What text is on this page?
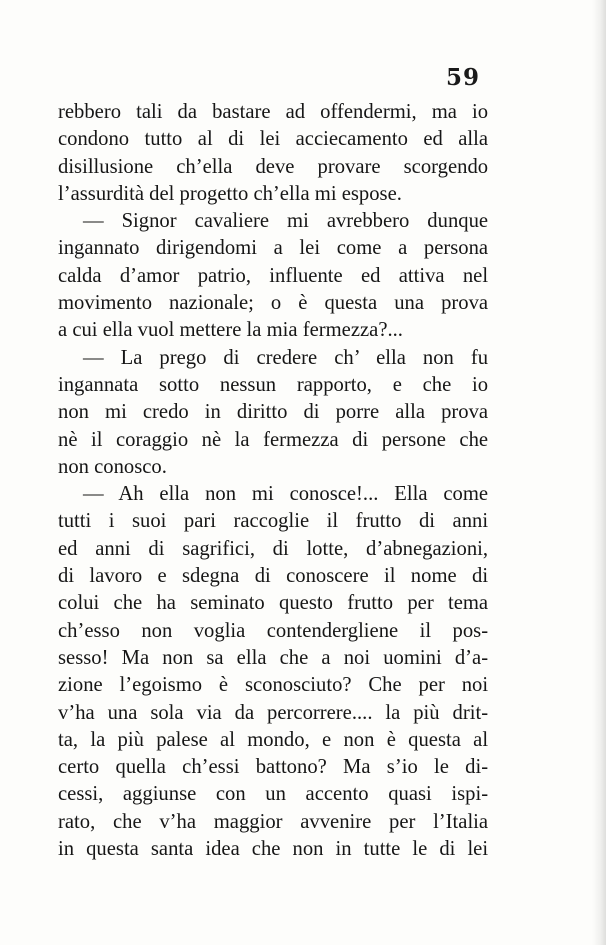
59
rebbero tali da bastare ad offendermi, ma io
condono tutto al di lei acciecamento ed alla
disillusione ch’ella deve provare scorgendo
l’assurdità del progetto ch’ella mi espose.
— Signor cavaliere mi avrebbero dunque
ingannato dirigendomi a lei come a persona
calda d’amor patrio, influente ed attiva nel
movimento nazionale; o è questa una prova
a cui ella vuol mettere la mia fermezza?...
— La prego di credere ch’ ella non fu
ingannata sotto nessun rapporto, e che io
non mi credo in diritto di porre alla prova
nè il coraggio nè la fermezza di persone che
non conosco.
— Ah ella non mi conosce!... Ella come
tutti i suoi pari raccoglie il frutto di anni
ed anni di sagrifici, di lotte, d’abnegazioni,
di lavoro e sdegna di conoscere il nome di
colui che ha seminato questo frutto per tema
ch’esso non voglia contendergliene il pos-
sesso! Ma non sa ella che a noi uomini d’a-
zione l’egoismo è sconosciuto? Che per noi
v’ha una sola via da percorrere.... la più drit-
ta, la più palese al mondo, e non è questa al
certo quella ch’essi battono? Ma s’io le di-
cessi, aggiunse con un accento quasi ispi-
rato, che v’ha maggior avvenire per l’Italia
in questa santa idea che non in tutte le di lei
